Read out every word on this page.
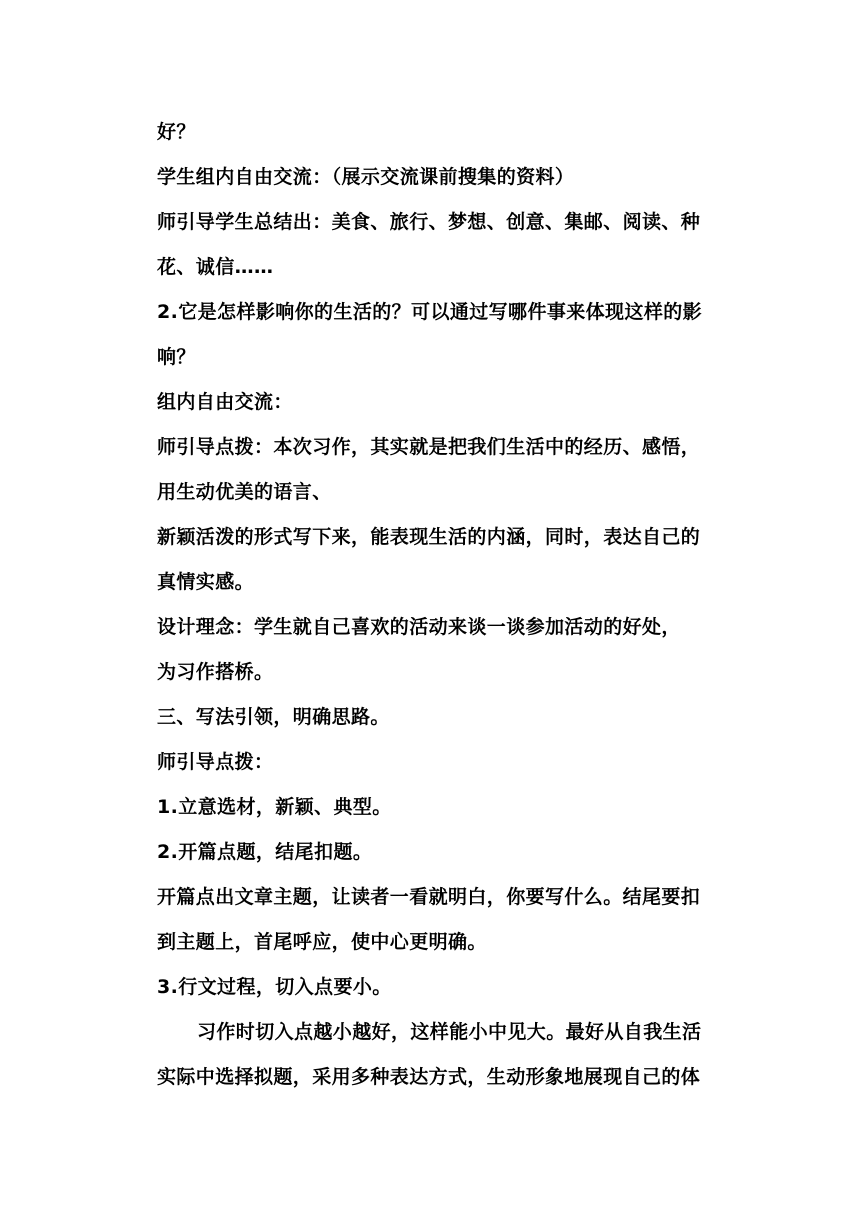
好？
学生组内自由交流：（展示交流课前搜集的资料）
师引导学生总结出：美食、旅行、梦想、创意、集邮、阅读、种
花、诚信……
2.它是怎样影响你的生活的？可以通过写哪件事来体现这样的影
响？
组内自由交流：
师引导点拨：本次习作，其实就是把我们生活中的经历、感悟，
用生动优美的语言、
新颖活泼的形式写下来，能表现生活的内涵，同时，表达自己的
真情实感。
设计理念：学生就自己喜欢的活动来谈一谈参加活动的好处，
为习作搭桥。
三、写法引领，明确思路。
师引导点拨：
1.立意选材，新颖、典型。
2.开篇点题，结尾扣题。
开篇点出文章主题，让读者一看就明白，你要写什么。结尾要扣
到主题上，首尾呼应，使中心更明确。
3.行文过程，切入点要小。
习作时切入点越小越好，这样能小中见大。最好从自我生活
实际中选择拟题，采用多种表达方式，生动形象地展现自己的体
